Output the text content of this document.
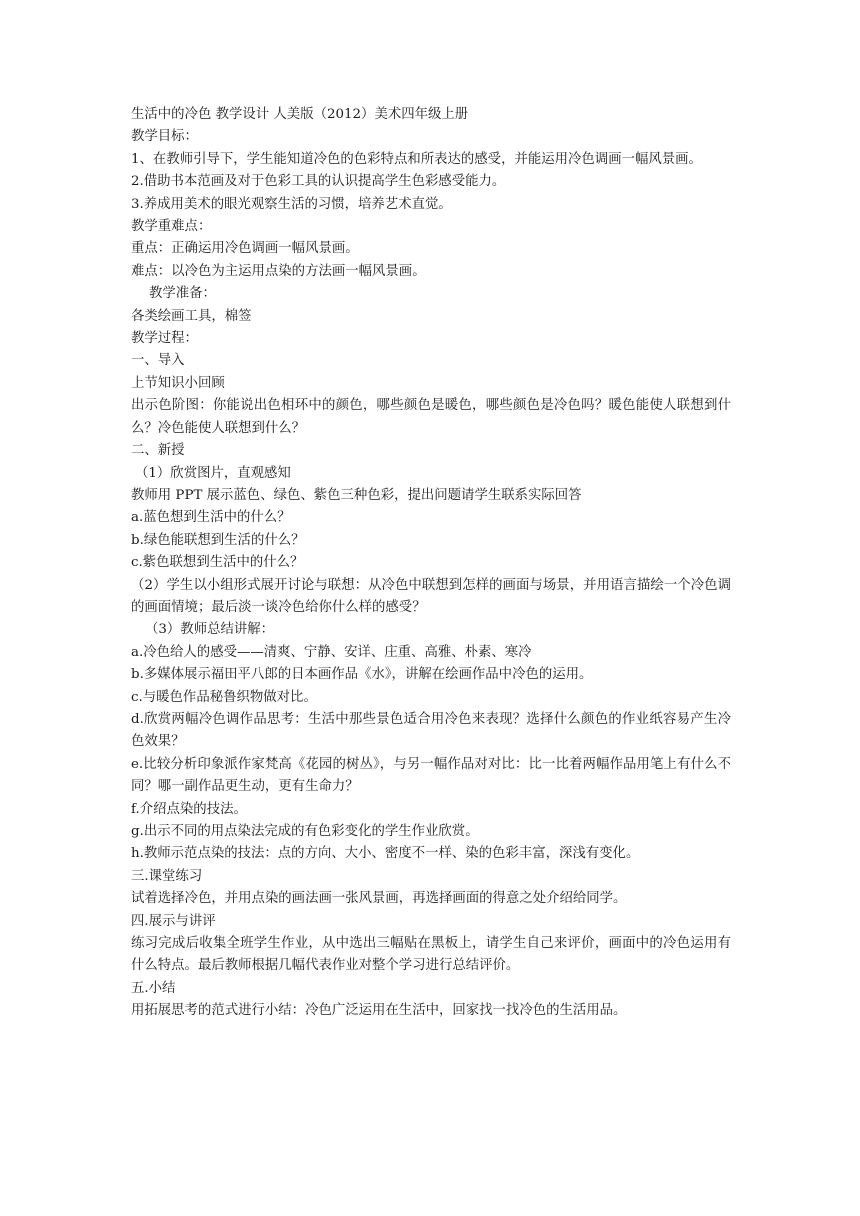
生活中的冷色 教学设计 人美版（2012）美术四年级上册
教学目标：
1、在教师引导下，学生能知道冷色的色彩特点和所表达的感受，并能运用冷色调画一幅风景画。
2.借助书本范画及对于色彩工具的认识提高学生色彩感受能力。
3.养成用美术的眼光观察生活的习惯，培养艺术直觉。
教学重难点：
重点：正确运用冷色调画一幅风景画。
难点：以冷色为主运用点染的方法画一幅风景画。
教学准备：
各类绘画工具，棉签
教学过程：
一、导入
上节知识小回顾
出示色阶图：你能说出色相环中的颜色，哪些颜色是暖色，哪些颜色是冷色吗？暖色能使人联想到什么？冷色能使人联想到什么？
二、新授
（1）欣赏图片，直观感知
教师用 PPT 展示蓝色、绿色、紫色三种色彩，提出问题请学生联系实际回答
a.蓝色想到生活中的什么？
b.绿色能联想到生活的什么？
c.紫色联想到生活中的什么？
（2）学生以小组形式展开讨论与联想：从冷色中联想到怎样的画面与场景，并用语言描绘一个冷色调的画面情境；最后淡一谈冷色给你什么样的感受？
（3）教师总结讲解：
a.冷色给人的感受——清爽、宁静、安详、庄重、高雅、朴素、寒冷
b.多媒体展示福田平八郎的日本画作品《水》，讲解在绘画作品中冷色的运用。
c.与暖色作品秘鲁织物做对比。
d.欣赏两幅冷色调作品思考：生活中那些景色适合用冷色来表现？选择什么颜色的作业纸容易产生冷色效果？
e.比较分析印象派作家梵高《花园的树丛》，与另一幅作品对对比：比一比着两幅作品用笔上有什么不同？哪一副作品更生动，更有生命力？
f.介绍点染的技法。
g.出示不同的用点染法完成的有色彩变化的学生作业欣赏。
h.教师示范点染的技法：点的方向、大小、密度不一样、染的色彩丰富，深浅有变化。
三.课堂练习
试着选择冷色，并用点染的画法画一张风景画，再选择画面的得意之处介绍给同学。
四.展示与讲评
练习完成后收集全班学生作业，从中选出三幅贴在黑板上，请学生自己来评价，画面中的冷色运用有什么特点。最后教师根据几幅代表作业对整个学习进行总结评价。
五.小结
用拓展思考的范式进行小结：冷色广泛运用在生活中，回家找一找冷色的生活用品。
